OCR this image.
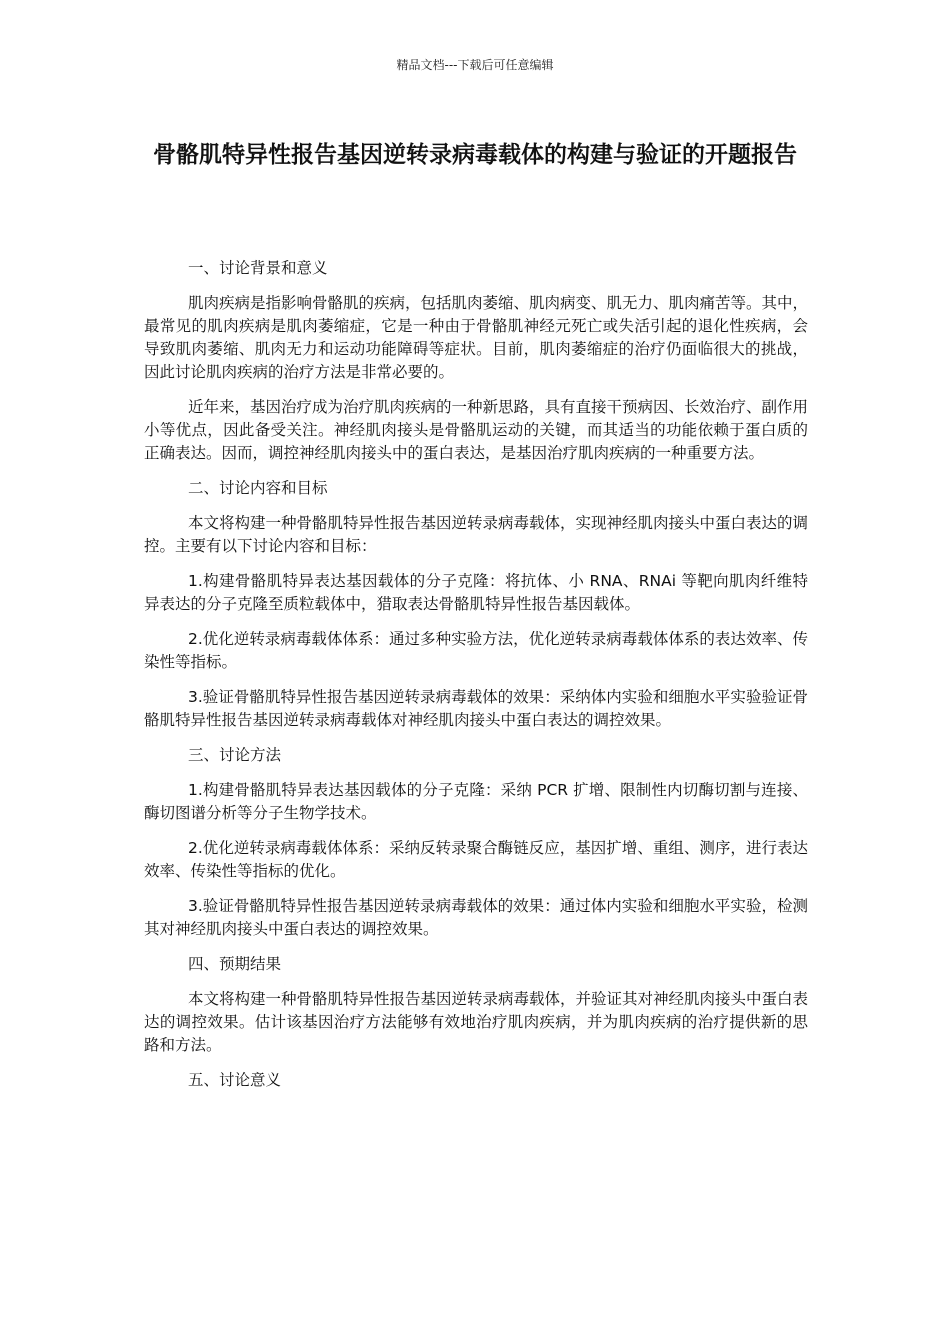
精品文档---下载后可任意编辑
骨骼肌特异性报告基因逆转录病毒载体的构建与验证的开题报告
一、讨论背景和意义

肌肉疾病是指影响骨骼肌的疾病，包括肌肉萎缩、肌肉病变、肌无力、肌肉痛苦等。其中，最常见的肌肉疾病是肌肉萎缩症，它是一种由于骨骼肌神经元死亡或失活引起的退化性疾病，会导致肌肉萎缩、肌肉无力和运动功能障碍等症状。目前，肌肉萎缩症的治疗仍面临很大的挑战，因此讨论肌肉疾病的治疗方法是非常必要的。

近年来，基因治疗成为治疗肌肉疾病的一种新思路，具有直接干预病因、长效治疗、副作用小等优点，因此备受关注。神经肌肉接头是骨骼肌运动的关键，而其适当的功能依赖于蛋白质的正确表达。因而，调控神经肌肉接头中的蛋白表达，是基因治疗肌肉疾病的一种重要方法。

二、讨论内容和目标

本文将构建一种骨骼肌特异性报告基因逆转录病毒载体，实现神经肌肉接头中蛋白表达的调控。主要有以下讨论内容和目标：

1.构建骨骼肌特异表达基因载体的分子克隆：将抗体、小 RNA、RNAi 等靶向肌肉纤维特异表达的分子克隆至质粒载体中，猎取表达骨骼肌特异性报告基因载体。

2.优化逆转录病毒载体体系：通过多种实验方法，优化逆转录病毒载体体系的表达效率、传染性等指标。

3.验证骨骼肌特异性报告基因逆转录病毒载体的效果：采纳体内实验和细胞水平实验验证骨骼肌特异性报告基因逆转录病毒载体对神经肌肉接头中蛋白表达的调控效果。

三、讨论方法

1.构建骨骼肌特异表达基因载体的分子克隆：采纳 PCR 扩增、限制性内切酶切割与连接、酶切图谱分析等分子生物学技术。

2.优化逆转录病毒载体体系：采纳反转录聚合酶链反应，基因扩增、重组、测序，进行表达效率、传染性等指标的优化。

3.验证骨骼肌特异性报告基因逆转录病毒载体的效果：通过体内实验和细胞水平实验，检测其对神经肌肉接头中蛋白表达的调控效果。

四、预期结果

本文将构建一种骨骼肌特异性报告基因逆转录病毒载体，并验证其对神经肌肉接头中蛋白表达的调控效果。估计该基因治疗方法能够有效地治疗肌肉疾病，并为肌肉疾病的治疗提供新的思路和方法。

五、讨论意义
